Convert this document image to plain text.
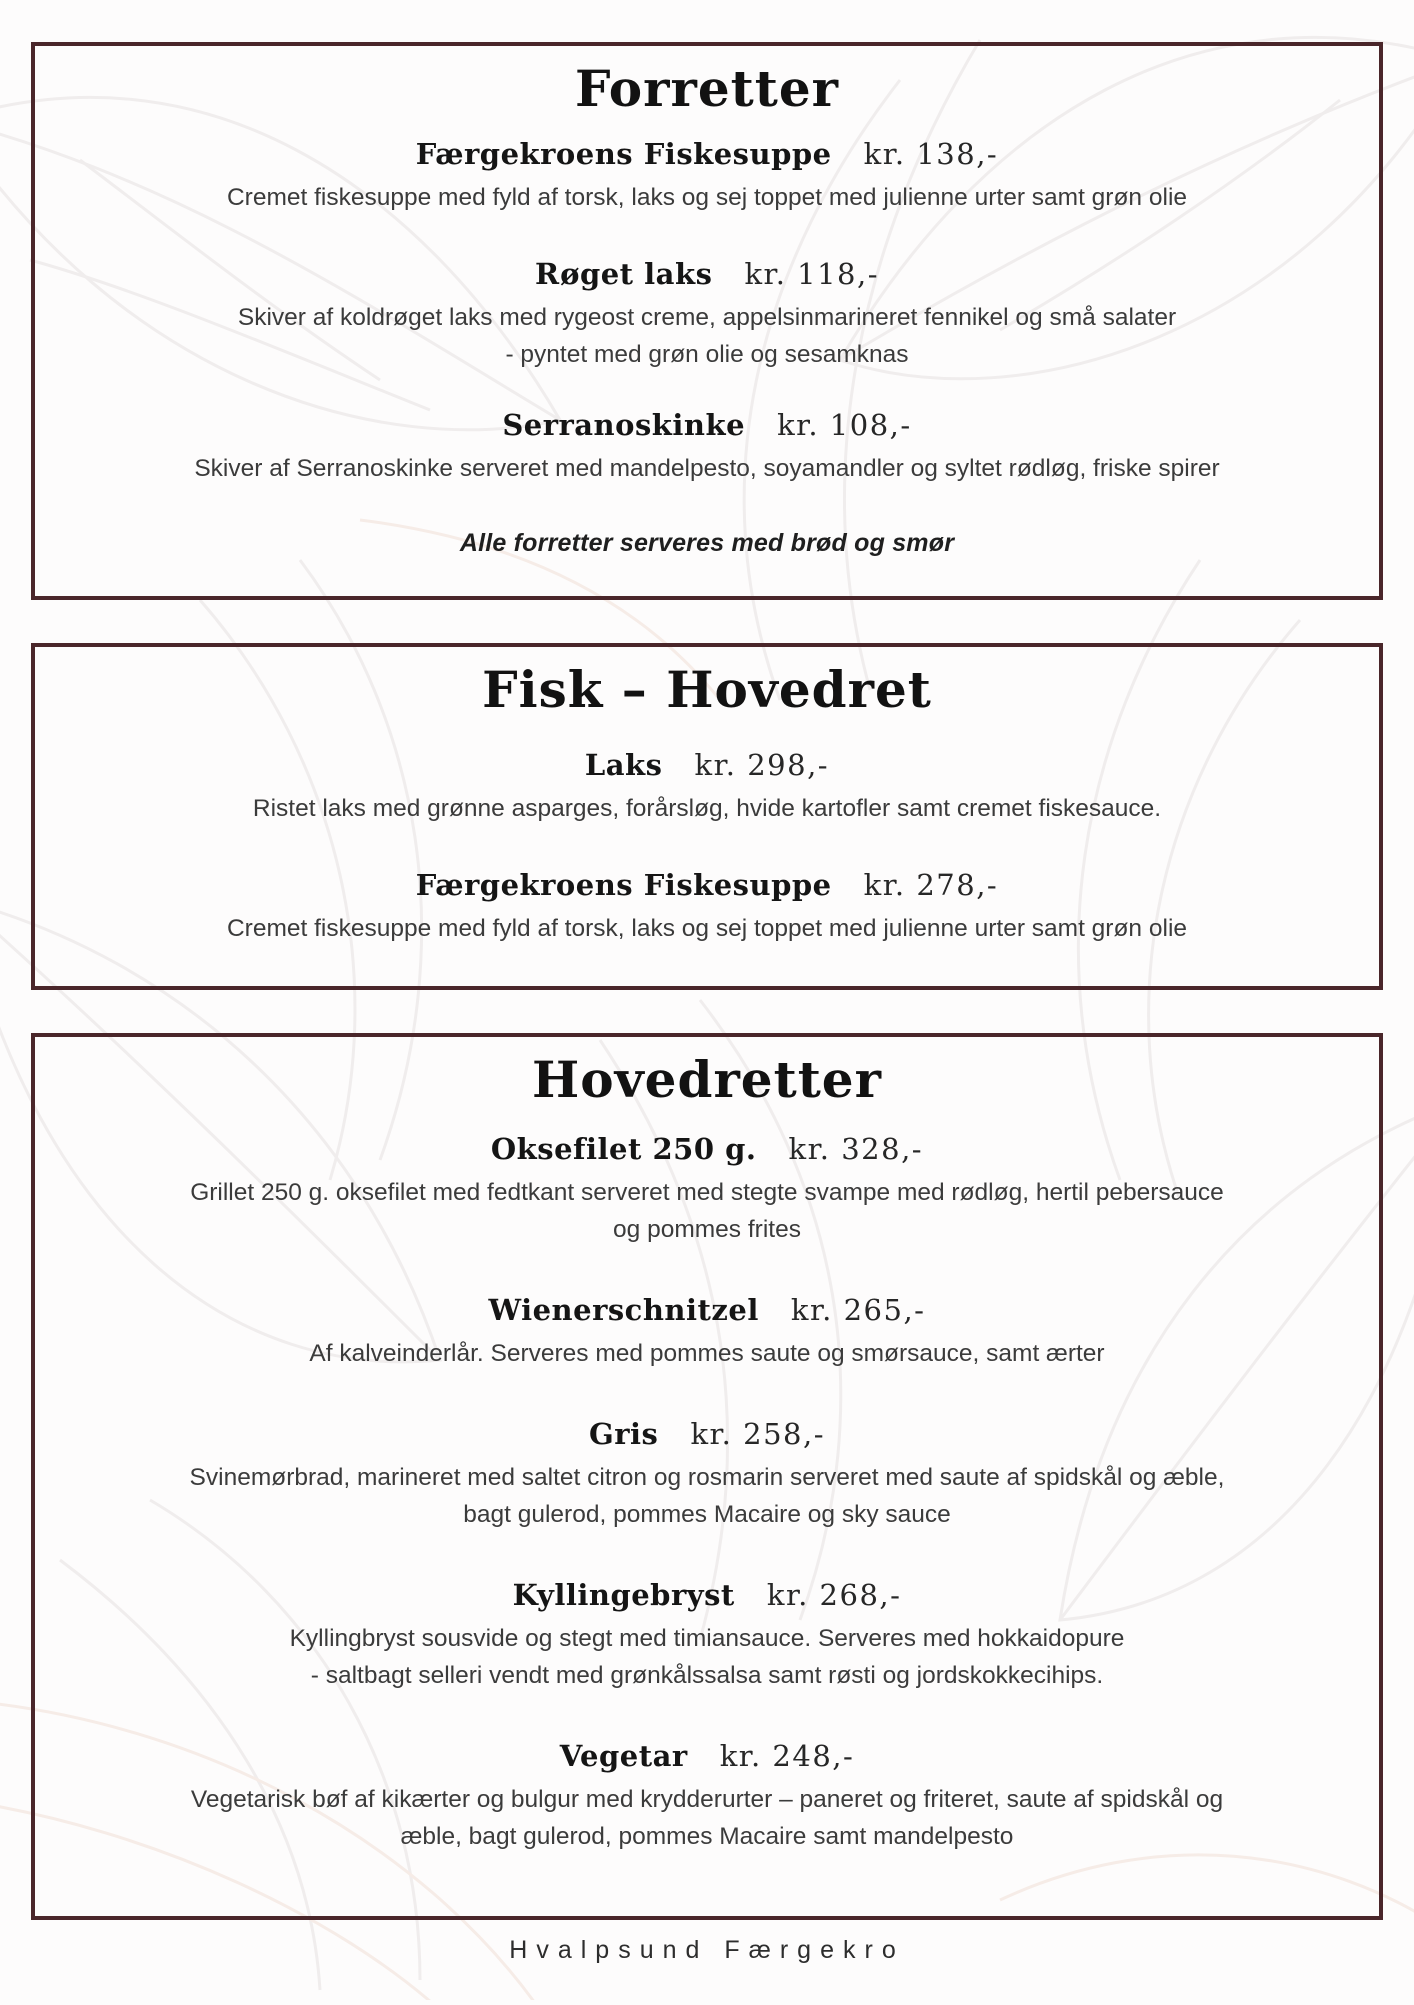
Forretter
Færgekroens Fiskesuppe kr. 138,-
Cremet fiskesuppe med fyld af torsk, laks og sej toppet med julienne urter samt grøn olie
Røget laks kr. 118,-
Skiver af koldrøget laks med rygeost creme, appelsinmarineret fennikel og små salater
- pyntet med grøn olie og sesamknas
Serranoskinke kr. 108,-
Skiver af Serranoskinke serveret med mandelpesto, soyamandler og syltet rødløg, friske spirer
Alle forretter serveres med brød og smør
Fisk – Hovedret
Laks kr. 298,-
Ristet laks med grønne asparges, forårsløg, hvide kartofler samt cremet fiskesauce.
Færgekroens Fiskesuppe kr. 278,-
Cremet fiskesuppe med fyld af torsk, laks og sej toppet med julienne urter samt grøn olie
Hovedretter
Oksefilet 250 g. kr. 328,-
Grillet 250 g. oksefilet med fedtkant serveret med stegte svampe med rødløg, hertil pebersauce
og pommes frites
Wienerschnitzel kr. 265,-
Af kalveinderlår. Serveres med pommes saute og smørsauce, samt ærter
Gris kr. 258,-
Svinemørbrad, marineret med saltet citron og rosmarin serveret med saute af spidskål og æble,
bagt gulerod, pommes Macaire og sky sauce
Kyllingebryst kr. 268,-
Kyllingbryst sousvide og stegt med timiansauce. Serveres med hokkaidopure
- saltbagt selleri vendt med grønkålssalsa samt røsti og jordskokkecihips.
Vegetar kr. 248,-
Vegetarisk bøf af kikærter og bulgur med krydderurter – paneret og friteret, saute af spidskål og
æble, bagt gulerod, pommes Macaire samt mandelpesto
Hvalpsund Færgekro
